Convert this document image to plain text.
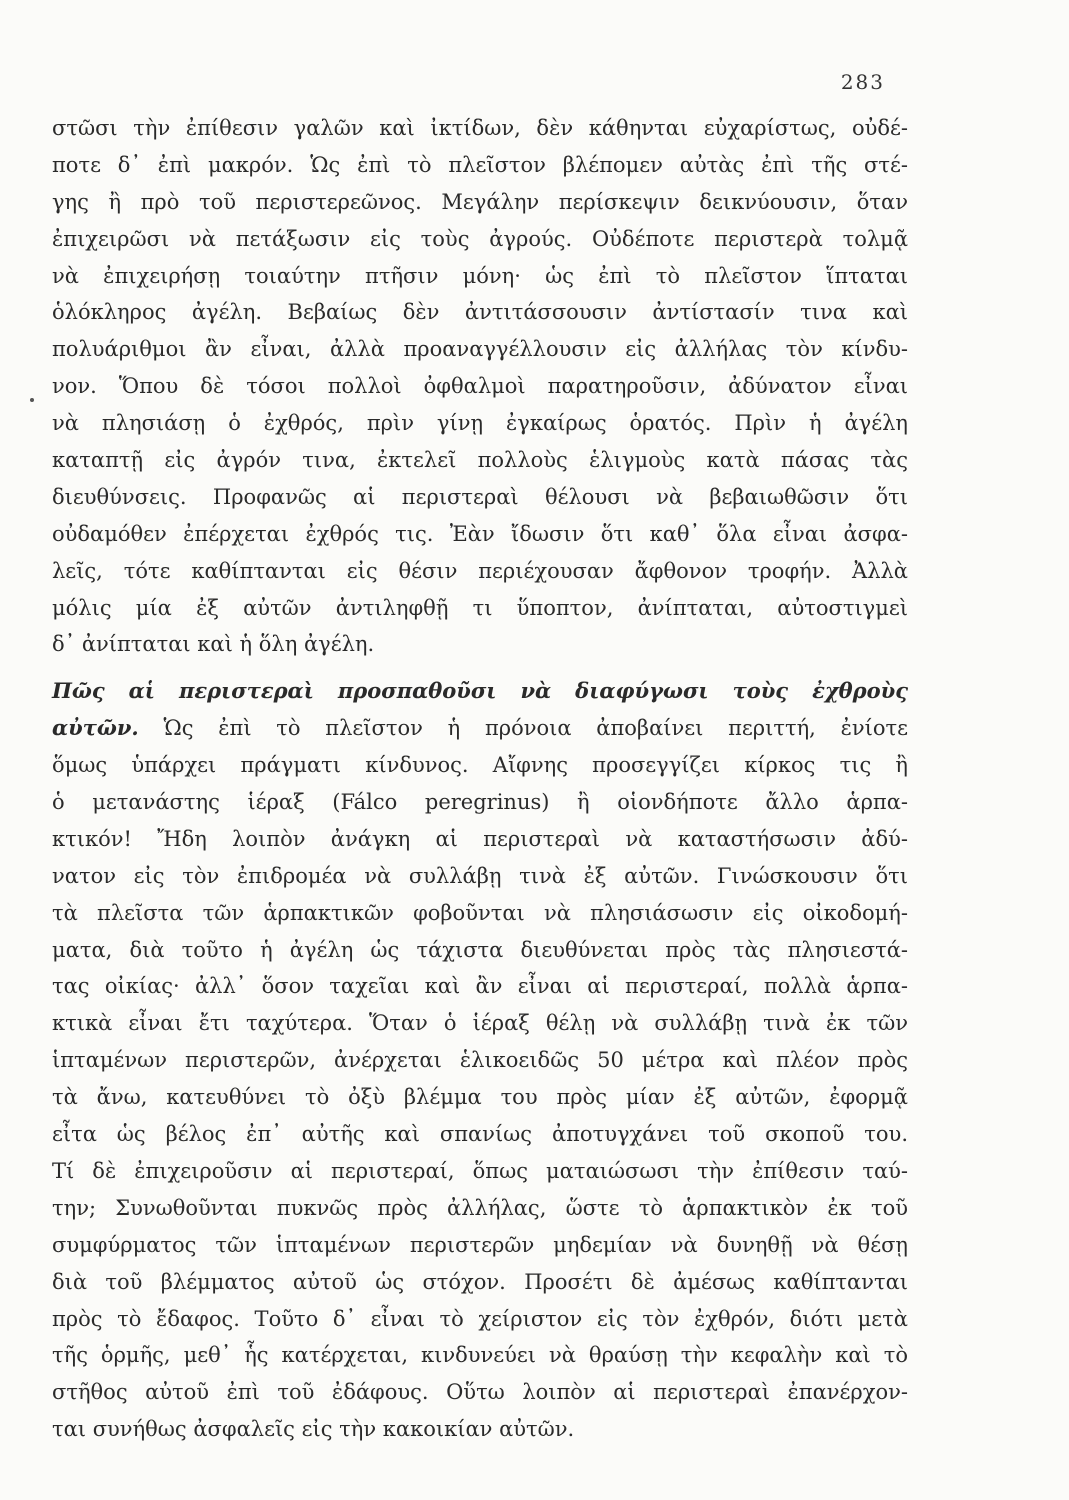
283
στῶσι τὴν ἐπίθεσιν γαλῶν καὶ ἰκτίδων, δὲν κάθηνται εὐχαρίστως, οὐδέ-
ποτε δ᾽ ἐπὶ μακρόν. Ὡς ἐπὶ τὸ πλεῖστον βλέπομεν αὐτὰς ἐπὶ τῆς στέ-
γης ἢ πρὸ τοῦ περιστερεῶνος. Μεγάλην περίσκεψιν δεικνύουσιν, ὅταν
ἐπιχειρῶσι νὰ πετάξωσιν εἰς τοὺς ἀγρούς. Οὐδέποτε περιστερὰ τολμᾷ
νὰ ἐπιχειρήσῃ τοιαύτην πτῆσιν μόνη· ὡς ἐπὶ τὸ πλεῖστον ἵπταται
ὁλόκληρος ἀγέλη. Βεβαίως δὲν ἀντιτάσσουσιν ἀντίστασίν τινα καὶ
πολυάριθμοι ἂν εἶναι, ἀλλὰ προαναγγέλλουσιν εἰς ἀλλήλας τὸν κίνδυ-
νον. Ὅπου δὲ τόσοι πολλοὶ ὀφθαλμοὶ παρατηροῦσιν, ἀδύνατον εἶναι
νὰ πλησιάσῃ ὁ ἐχθρός, πρὶν γίνῃ ἐγκαίρως ὁρατός. Πρὶν ἡ ἀγέλη
καταπτῇ εἰς ἀγρόν τινα, ἐκτελεῖ πολλοὺς ἑλιγμοὺς κατὰ πάσας τὰς
διευθύνσεις. Προφανῶς αἱ περιστεραὶ θέλουσι νὰ βεβαιωθῶσιν ὅτι
οὐδαμόθεν ἐπέρχεται ἐχθρός τις. Ἐὰν ἴδωσιν ὅτι καθ᾽ ὅλα εἶναι ἀσφα-
λεῖς, τότε καθίπτανται εἰς θέσιν περιέχουσαν ἄφθονον τροφήν. Ἀλλὰ
μόλις μία ἐξ αὐτῶν ἀντιληφθῇ τι ὕποπτον, ἀνίπταται, αὐτοστιγμεὶ
δ᾽ ἀνίπταται καὶ ἡ ὅλη ἀγέλη.
Πῶς αἱ περιστεραὶ προσπαθοῦσι νὰ διαφύγωσι τοὺς ἐχθροὺς
αὐτῶν. Ὡς ἐπὶ τὸ πλεῖστον ἡ πρόνοια ἀποβαίνει περιττή, ἐνίοτε
ὅμως ὑπάρχει πράγματι κίνδυνος. Αἴφνης προσεγγίζει κίρκος τις ἢ
ὁ μετανάστης ἱέραξ (Fálco peregrinus) ἢ οἱονδήποτε ἄλλο ἁρπα-
κτικόν! Ἤδη λοιπὸν ἀνάγκη αἱ περιστεραὶ νὰ καταστήσωσιν ἀδύ-
νατον εἰς τὸν ἐπιδρομέα νὰ συλλάβῃ τινὰ ἐξ αὐτῶν. Γινώσκουσιν ὅτι
τὰ πλεῖστα τῶν ἁρπακτικῶν φοβοῦνται νὰ πλησιάσωσιν εἰς οἰκοδομή-
ματα, διὰ τοῦτο ἡ ἀγέλη ὡς τάχιστα διευθύνεται πρὸς τὰς πλησιεστά-
τας οἰκίας· ἀλλ᾽ ὅσον ταχεῖαι καὶ ἂν εἶναι αἱ περιστεραί, πολλὰ ἁρπα-
κτικὰ εἶναι ἔτι ταχύτερα. Ὅταν ὁ ἱέραξ θέλῃ νὰ συλλάβῃ τινὰ ἐκ τῶν
ἱπταμένων περιστερῶν, ἀνέρχεται ἑλικοειδῶς 50 μέτρα καὶ πλέον πρὸς
τὰ ἄνω, κατευθύνει τὸ ὀξὺ βλέμμα του πρὸς μίαν ἐξ αὐτῶν, ἐφορμᾷ
εἶτα ὡς βέλος ἐπ᾽ αὐτῆς καὶ σπανίως ἀποτυγχάνει τοῦ σκοποῦ του.
Τί δὲ ἐπιχειροῦσιν αἱ περιστεραί, ὅπως ματαιώσωσι τὴν ἐπίθεσιν ταύ-
την; Συνωθοῦνται πυκνῶς πρὸς ἀλλήλας, ὥστε τὸ ἁρπακτικὸν ἐκ τοῦ
συμφύρματος τῶν ἱπταμένων περιστερῶν μηδεμίαν νὰ δυνηθῇ νὰ θέσῃ
διὰ τοῦ βλέμματος αὐτοῦ ὡς στόχον. Προσέτι δὲ ἀμέσως καθίπτανται
πρὸς τὸ ἔδαφος. Τοῦτο δ᾽ εἶναι τὸ χείριστον εἰς τὸν ἐχθρόν, διότι μετὰ
τῆς ὁρμῆς, μεθ᾽ ἧς κατέρχεται, κινδυνεύει νὰ θραύσῃ τὴν κεφαλὴν καὶ τὸ
στῆθος αὐτοῦ ἐπὶ τοῦ ἐδάφους. Οὕτω λοιπὸν αἱ περιστεραὶ ἐπανέρχον-
ται συνήθως ἀσφαλεῖς εἰς τὴν κακοικίαν αὐτῶν.
